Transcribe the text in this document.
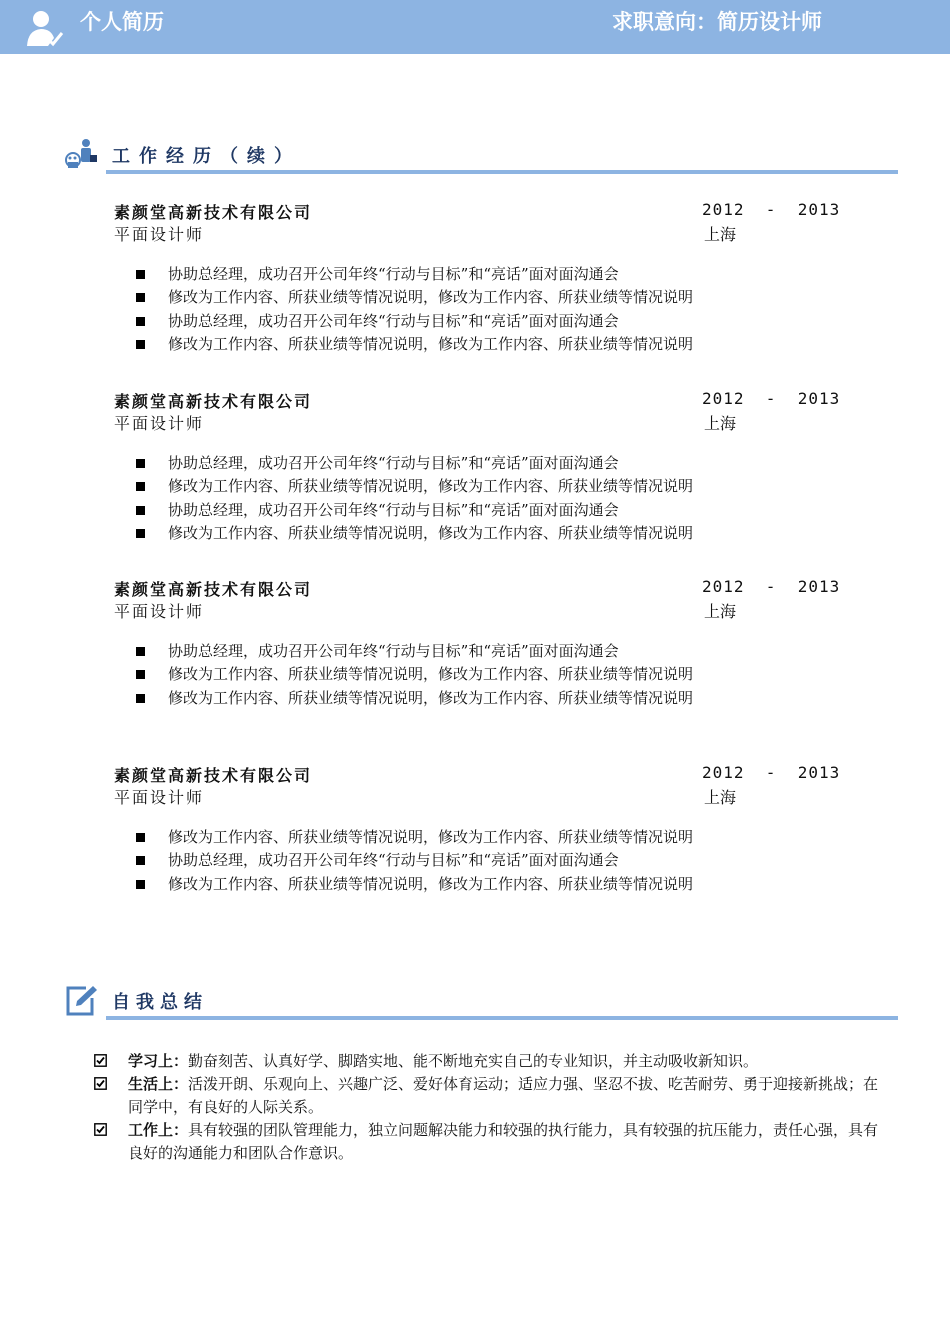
个人简历	求职意向：简历设计师
工作经历（续）
素颜堂高新技术有限公司
平面设计师
2012  -  2013
上海
协助总经理，成功召开公司年终“行动与目标”和“亮话”面对面沟通会
修改为工作内容、所获业绩等情况说明，修改为工作内容、所获业绩等情况说明
协助总经理，成功召开公司年终“行动与目标”和“亮话”面对面沟通会
修改为工作内容、所获业绩等情况说明，修改为工作内容、所获业绩等情况说明
素颜堂高新技术有限公司
平面设计师
2012  -  2013
上海
协助总经理，成功召开公司年终“行动与目标”和“亮话”面对面沟通会
修改为工作内容、所获业绩等情况说明，修改为工作内容、所获业绩等情况说明
协助总经理，成功召开公司年终“行动与目标”和“亮话”面对面沟通会
修改为工作内容、所获业绩等情况说明，修改为工作内容、所获业绩等情况说明
素颜堂高新技术有限公司
平面设计师
2012  -  2013
上海
协助总经理，成功召开公司年终“行动与目标”和“亮话”面对面沟通会
修改为工作内容、所获业绩等情况说明，修改为工作内容、所获业绩等情况说明
修改为工作内容、所获业绩等情况说明，修改为工作内容、所获业绩等情况说明
素颜堂高新技术有限公司
平面设计师
2012  -  2013
上海
修改为工作内容、所获业绩等情况说明，修改为工作内容、所获业绩等情况说明
协助总经理，成功召开公司年终“行动与目标”和“亮话”面对面沟通会
修改为工作内容、所获业绩等情况说明，修改为工作内容、所获业绩等情况说明
自我总结
学习上：勤奋刻苦、认真好学、脚踏实地、能不断地充实自己的专业知识，并主动吸收新知识。
生活上：活泼开朗、乐观向上、兴趣广泛、爱好体育运动；适应力强、坚忍不拔、吃苦耐劳、勇于迎接新挑战；在同学中，有良好的人际关系。
工作上：具有较强的团队管理能力，独立问题解决能力和较强的执行能力，具有较强的抗压能力，责任心强，具有良好的沟通能力和团队合作意识。
